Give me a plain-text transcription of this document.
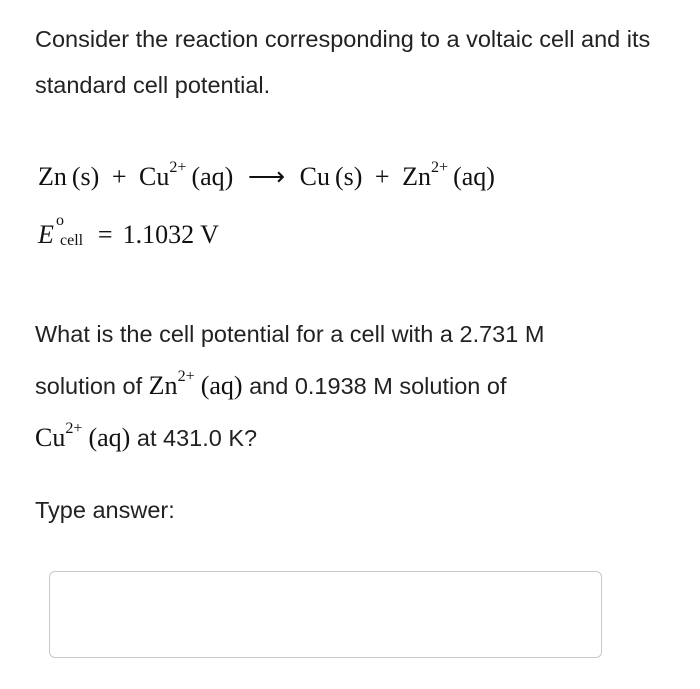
Consider the reaction corresponding to a voltaic cell and its standard cell potential.
Zn $(s) + Cu^{2+}$ (aq) ⟶ Cu $(s) + Zn^{2+}$ (aq)
E o
cell = 1.1032 V
What is the cell potential for a cell with a 2.731 M
solution of $Zn^{2+}$ (aq) and 0.1938 M solution of
$Cu^{2+}$ (aq) at 431.0 K?
Type answer:
